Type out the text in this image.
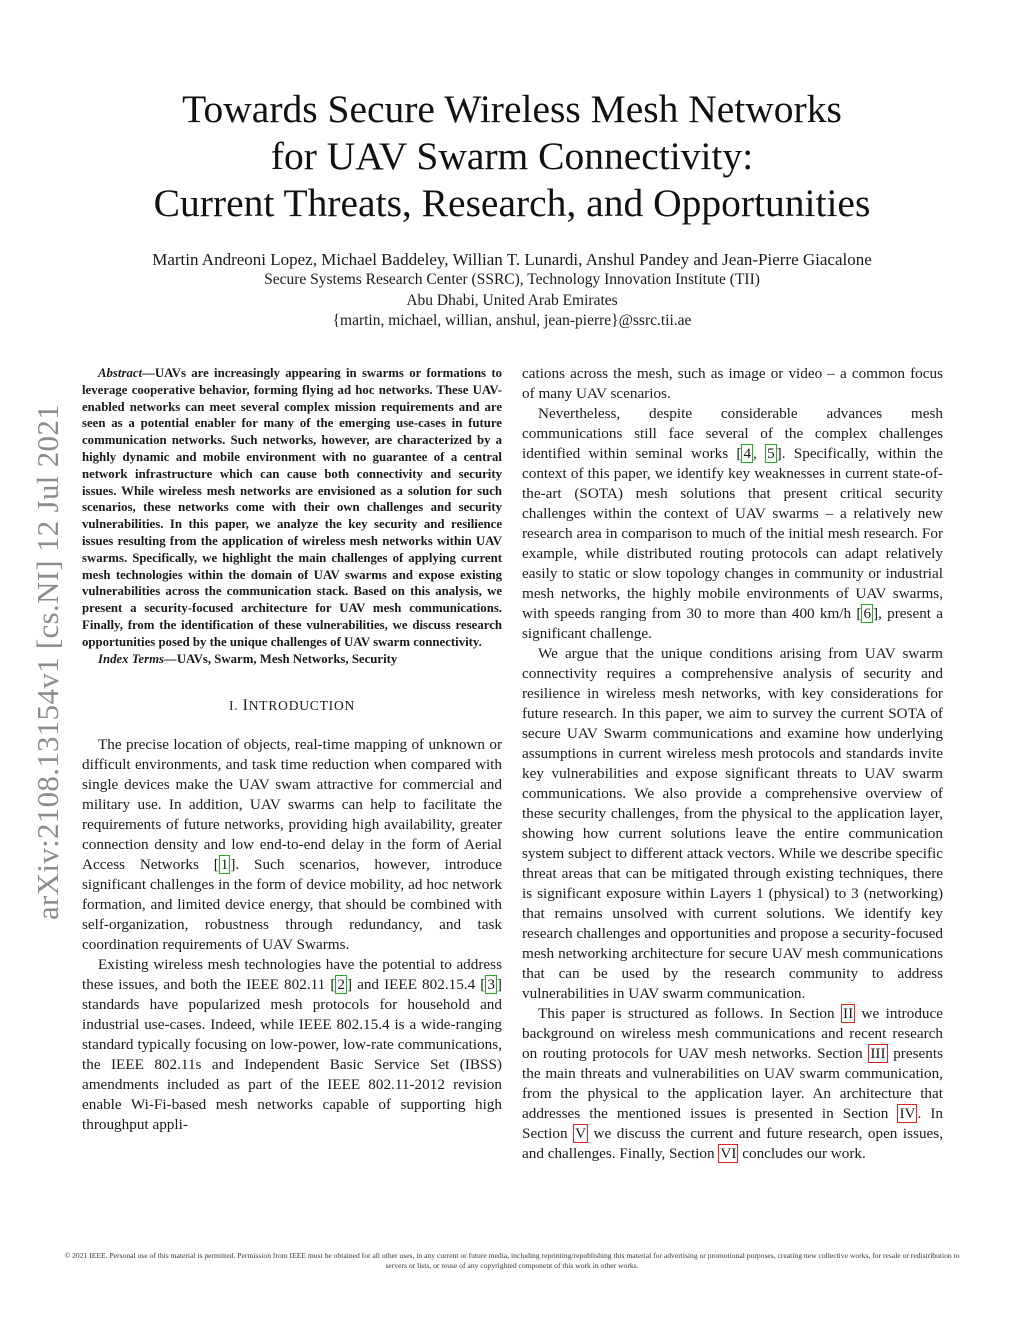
arXiv:2108.13154v1 [cs.NI] 12 Jul 2021
Towards Secure Wireless Mesh Networks
for UAV Swarm Connectivity:
Current Threats, Research, and Opportunities
Martin Andreoni Lopez, Michael Baddeley, Willian T. Lunardi, Anshul Pandey and Jean-Pierre Giacalone
Secure Systems Research Center (SSRC), Technology Innovation Institute (TII)
Abu Dhabi, United Arab Emirates
{martin, michael, willian, anshul, jean-pierre}@ssrc.tii.ae

Abstract—UAVs are increasingly appearing in swarms or formations to leverage cooperative behavior, forming flying ad hoc networks. These UAV-enabled networks can meet several complex mission requirements and are seen as a potential enabler for many of the emerging use-cases in future communication networks. Such networks, however, are characterized by a highly dynamic and mobile environment with no guarantee of a central network infrastructure which can cause both connectivity and security issues. While wireless mesh networks are envisioned as a solution for such scenarios, these networks come with their own challenges and security vulnerabilities. In this paper, we analyze the key security and resilience issues resulting from the application of wireless mesh networks within UAV swarms. Specifically, we highlight the main challenges of applying current mesh technologies within the domain of UAV swarms and expose existing vulnerabilities across the communication stack. Based on this analysis, we present a security-focused architecture for UAV mesh communications. Finally, from the identification of these vulnerabilities, we discuss research opportunities posed by the unique challenges of UAV swarm connectivity.

Index Terms—UAVs, Swarm, Mesh Networks, Security

I. INTRODUCTION

The precise location of objects, real-time mapping of unknown or difficult environments, and task time reduction when compared with single devices make the UAV swam attractive for commercial and military use. In addition, UAV swarms can help to facilitate the requirements of future networks, providing high availability, greater connection density and low end-to-end delay in the form of Aerial Access Networks [ 1 ]. Such scenarios, however, introduce significant challenges in the form of device mobility, ad hoc network formation, and limited device energy, that should be combined with self-organization, robustness through redundancy, and task coordination requirements of UAV Swarms.

Existing wireless mesh technologies have the potential to address these issues, and both the IEEE 802.11 [ 2 ] and IEEE 802.15.4 [ 3 ] standards have popularized mesh protocols for household and industrial use-cases. Indeed, while IEEE 802.15.4 is a wide-ranging standard typically focusing on low-power, low-rate communications, the IEEE 802.11s and Independent Basic Service Set (IBSS) amendments included as part of the IEEE 802.11-2012 revision enable Wi-Fi-based mesh networks capable of supporting high throughput appli-

cations across the mesh, such as image or video – a common focus of many UAV scenarios.

Nevertheless, despite considerable advances mesh communications still face several of the complex challenges identified within seminal works [ 4 , 5 ]. Specifically, within the context of this paper, we identify key weaknesses in current state-of-the-art (SOTA) mesh solutions that present critical security challenges within the context of UAV swarms – a relatively new research area in comparison to much of the initial mesh research. For example, while distributed routing protocols can adapt relatively easily to static or slow topology changes in community or industrial mesh networks, the highly mobile environments of UAV swarms, with speeds ranging from 30 to more than 400 km/h [ 6 ], present a significant challenge.

We argue that the unique conditions arising from UAV swarm connectivity requires a comprehensive analysis of security and resilience in wireless mesh networks, with key considerations for future research. In this paper, we aim to survey the current SOTA of secure UAV Swarm communications and examine how underlying assumptions in current wireless mesh protocols and standards invite key vulnerabilities and expose significant threats to UAV swarm communications. We also provide a comprehensive overview of these security challenges, from the physical to the application layer, showing how current solutions leave the entire communication system subject to different attack vectors. While we describe specific threat areas that can be mitigated through existing techniques, there is significant exposure within Layers 1 (physical) to 3 (networking) that remains unsolved with current solutions. We identify key research challenges and opportunities and propose a security-focused mesh networking architecture for secure UAV mesh communications that can be used by the research community to address vulnerabilities in UAV swarm communication.

This paper is structured as follows. In Section II we introduce background on wireless mesh communications and recent research on routing protocols for UAV mesh networks. Section III presents the main threats and vulnerabilities on UAV swarm communication, from the physical to the application layer. An architecture that addresses the mentioned issues is presented in Section IV . In Section V we discuss the current and future research, open issues, and challenges. Finally, Section VI concludes our work.

© 2021 IEEE. Personal use of this material is permitted. Permission from IEEE must be obtained for all other uses, in any current or future media, including reprinting/republishing this material for advertising or promotional purposes, creating new collective works, for resale or redistribution to servers or lists, or reuse of any copyrighted component of this work in other works.
